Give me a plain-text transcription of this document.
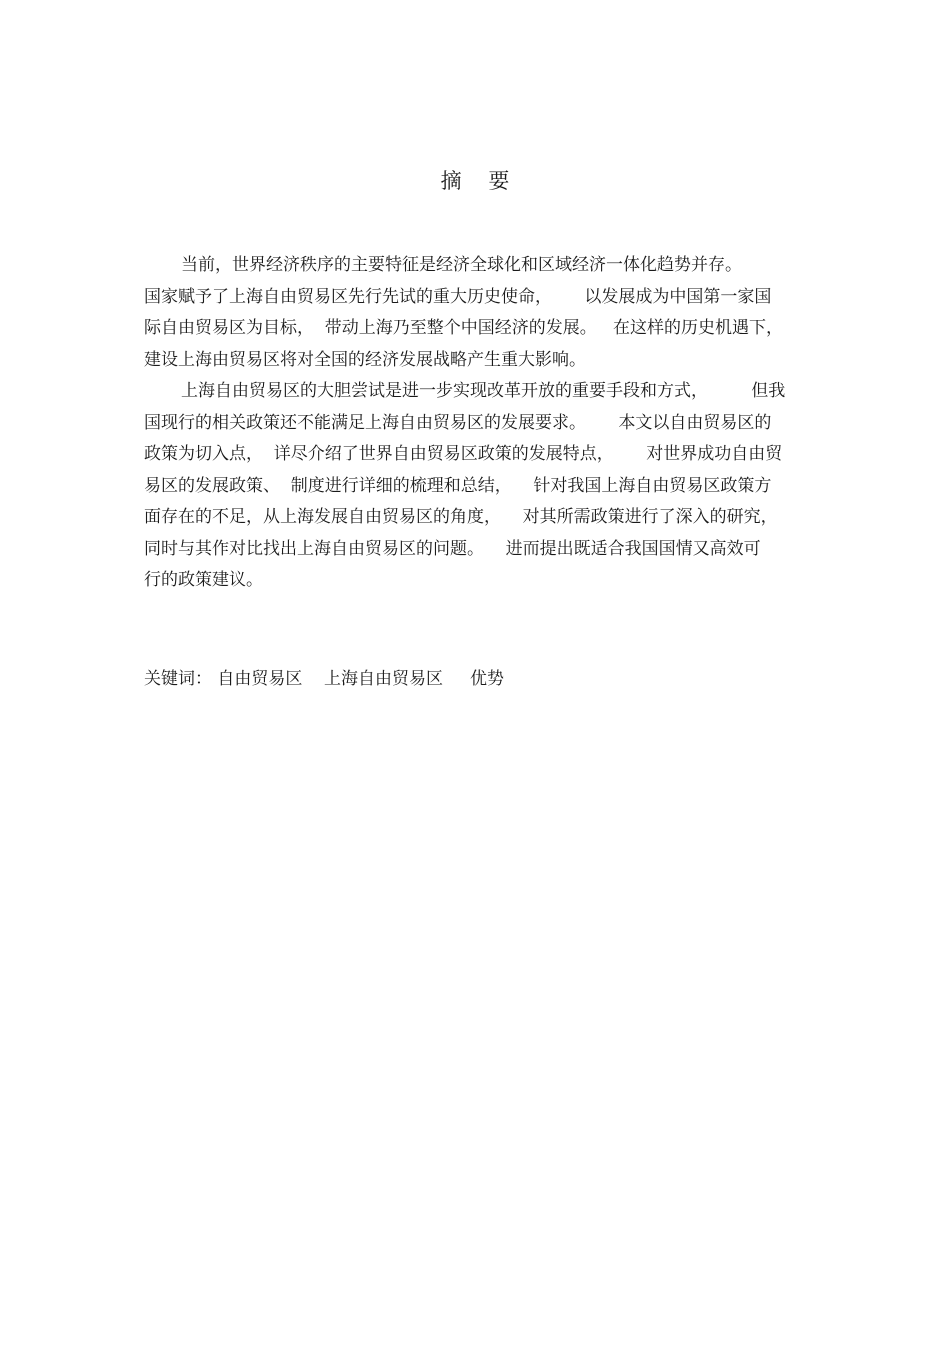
摘    要
当前，世界经济秩序的主要特征是经济全球化和区域经济一体化趋势并存。
国家赋予了上海自由贸易区先行先试的重大历史使命，      以发展成为中国第一家国
际自由贸易区为目标，  带动上海乃至整个中国经济的发展。   在这样的历史机遇下，
建设上海由贸易区将对全国的经济发展战略产生重大影响。
上海自由贸易区的大胆尝试是进一步实现改革开放的重要手段和方式，        但我
国现行的相关政策还不能满足上海自由贸易区的发展要求。      本文以自由贸易区的
政策为切入点，  详尽介绍了世界自由贸易区政策的发展特点，      对世界成功自由贸
易区的发展政策、  制度进行详细的梳理和总结，    针对我国上海自由贸易区政策方
面存在的不足，从上海发展自由贸易区的角度，    对其所需政策进行了深入的研究，
同时与其作对比找出上海自由贸易区的问题。    进而提出既适合我国国情又高效可
行的政策建议。
关键词： 自由贸易区    上海自由贸易区     优势
